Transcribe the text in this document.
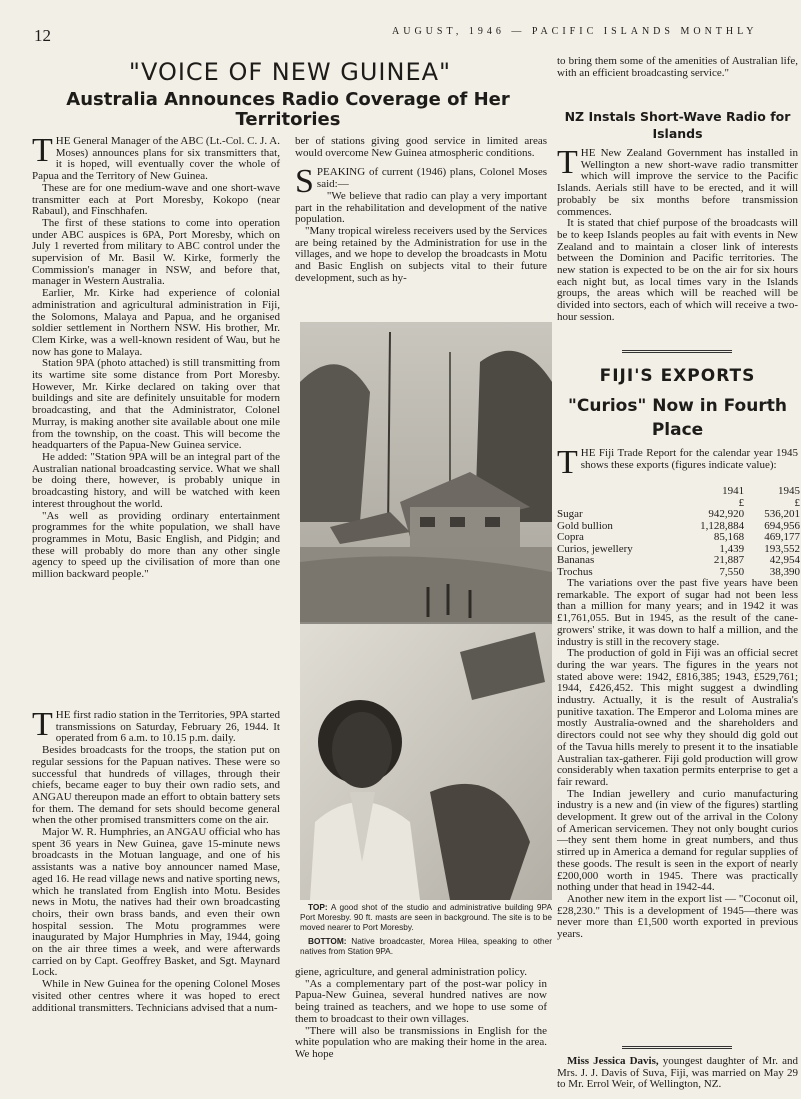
12	AUGUST, 1946 — PACIFIC ISLANDS MONTHLY
"VOICE OF NEW GUINEA"
Australia Announces Radio Coverage of Her Territories

THE General Manager of the ABC (Lt.-Col. C. J. A. Moses) announces plans for six transmitters that, it is hoped, will eventually cover the whole of Papua and the Territory of New Guinea.

These are for one medium-wave and one short-wave transmitter each at Port Moresby, Kokopo (near Rabaul), and Finschhafen.

The first of these stations to come into operation under ABC auspices is 6PA, Port Moresby, which on July 1 reverted from military to ABC control under the supervision of Mr. Basil W. Kirke, formerly the Commission's manager in NSW, and before that, manager in Western Australia.

Earlier, Mr. Kirke had experience of colonial administration and agricultural administration in Fiji, the Solomons, Malaya and Papua, and he organised soldier settlement in Northern NSW. His brother, Mr. Clem Kirke, was a well-known resident of Wau, but he now has gone to Malaya.

Station 9PA (photo attached) is still transmitting from its wartime site some distance from Port Moresby. However, Mr. Kirke declared on taking over that buildings and site are definitely unsuitable for modern broadcasting, and that the Administrator, Colonel Murray, is making another site available about one mile from the township, on the coast. This will become the headquarters of the Papua-New Guinea service.

He added: "Station 9PA will be an integral part of the Australian national broadcasting service. What we shall be doing there, however, is probably unique in broadcasting history, and will be watched with keen interest throughout the world.

"As well as providing ordinary entertainment programmes for the white population, we shall have programmes in Motu, Basic English, and Pidgin; and these will probably do more than any other single agency to speed up the civilisation of more than one million backward people."

THE first radio station in the Territories, 9PA started transmissions on Saturday, February 26, 1944. It operated from 6 a.m. to 10.15 p.m. daily.

Besides broadcasts for the troops, the station put on regular sessions for the Papuan natives. These were so successful that hundreds of villages, through their chiefs, became eager to buy their own radio sets, and ANGAU thereupon made an effort to obtain battery sets for them. The demand for sets should become general when the other promised transmitters come on the air.

Major W. R. Humphries, an ANGAU official who has spent 36 years in New Guinea, gave 15-minute news broadcasts in the Motuan language, and one of his assistants was a native boy announcer named Mase, aged 16. He read village news and native sporting news, which he translated from English into Motu. Besides news in Motu, the natives had their own broadcasting choirs, their own brass bands, and even their own hospital session. The Motu programmes were inaugurated by Major Humphries in May, 1944, going on the air three times a week, and were afterwards carried on by Capt. Geoffrey Basket, and Sgt. Maynard Lock.

While in New Guinea for the opening Colonel Moses visited other centres where it was hoped to erect additional transmitters. Technicians advised that a num-

ber of stations giving good service in limited areas would overcome New Guinea atmospheric conditions.

SPEAKING of current (1946) plans, Colonel Moses said:—

"We believe that radio can play a very important part in the rehabilitation and development of the native population.

"Many tropical wireless receivers used by the Services are being retained by the Administration for use in the villages, and we hope to develop the broadcasts in Motu and Basic English on subjects vital to their future development, such as hy-

TOP: A good shot of the studio and administrative building 9PA Port Moresby. 90 ft. masts are seen in background. The site is to be moved nearer to Port Moresby.

BOTTOM: Native broadcaster, Morea Hilea, speaking to other natives from Station 9PA.

giene, agriculture, and general administration policy.

"As a complementary part of the post-war policy in Papua-New Guinea, several hundred natives are now being trained as teachers, and we hope to use some of them to broadcast to their own villages.

"There will also be transmissions in English for the white population who are making their home in the area. We hope

to bring them some of the amenities of Australian life, with an efficient broadcasting service."

NZ Instals Short-Wave Radio for Islands

THE New Zealand Government has installed in Wellington a new short-wave radio transmitter which will improve the service to the Pacific Islands. Aerials still have to be erected, and it will probably be six months before transmission commences.

It is stated that chief purpose of the broadcasts will be to keep Islands peoples au fait with events in New Zealand and to maintain a closer link of interests between the Dominion and Pacific territories. The new station is expected to be on the air for six hours each night but, as local times vary in the Islands groups, the areas which will be reached will be divided into sectors, each of which will receive a two-hour session.

FIJI'S EXPORTS
"Curios" Now in Fourth Place

THE Fiji Trade Report for the calendar year 1945 shows these exports (figures indicate value):

	1941	1945
	£	£
Sugar	942,920	536,201
Gold bullion	1,128,884	694,956
Copra	85,168	469,177
Curios, jewellery	1,439	193,552
Bananas	21,887	42,954
Trochus	7,550	38,390

The variations over the past five years have been remarkable. The export of sugar had not been less than a million for many years; and in 1942 it was £1,761,055. But in 1945, as the result of the cane-growers' strike, it was down to half a million, and the industry is still in the recovery stage.

The production of gold in Fiji was an official secret during the war years. The figures in the years not stated above were: 1942, £816,385; 1943, £529,761; 1944, £426,452. This might suggest a dwindling industry. Actually, it is the result of Australia's punitive taxation. The Emperor and Loloma mines are mostly Australia-owned and the shareholders and directors could not see why they should dig gold out of the Tavua hills merely to present it to the insatiable Australian tax-gatherer. Fiji gold production will grow considerably when taxation permits enterprise to get a fair reward.

The Indian jewellery and curio manufacturing industry is a new and (in view of the figures) startling development. It grew out of the arrival in the Colony of American servicemen. They not only bought curios—they sent them home in great numbers, and thus stirred up in America a demand for regular supplies of these goods. The result is seen in the export of nearly £200,000 worth in 1945. There was practically nothing under that head in 1942-44.

Another new item in the export list — "Coconut oil, £28,230." This is a development of 1945—there was never more than £1,500 worth exported in previous years.

Miss Jessica Davis, youngest daughter of Mr. and Mrs. J. J. Davis of Suva, Fiji, was married on May 29 to Mr. Errol Weir, of Wellington, NZ.
